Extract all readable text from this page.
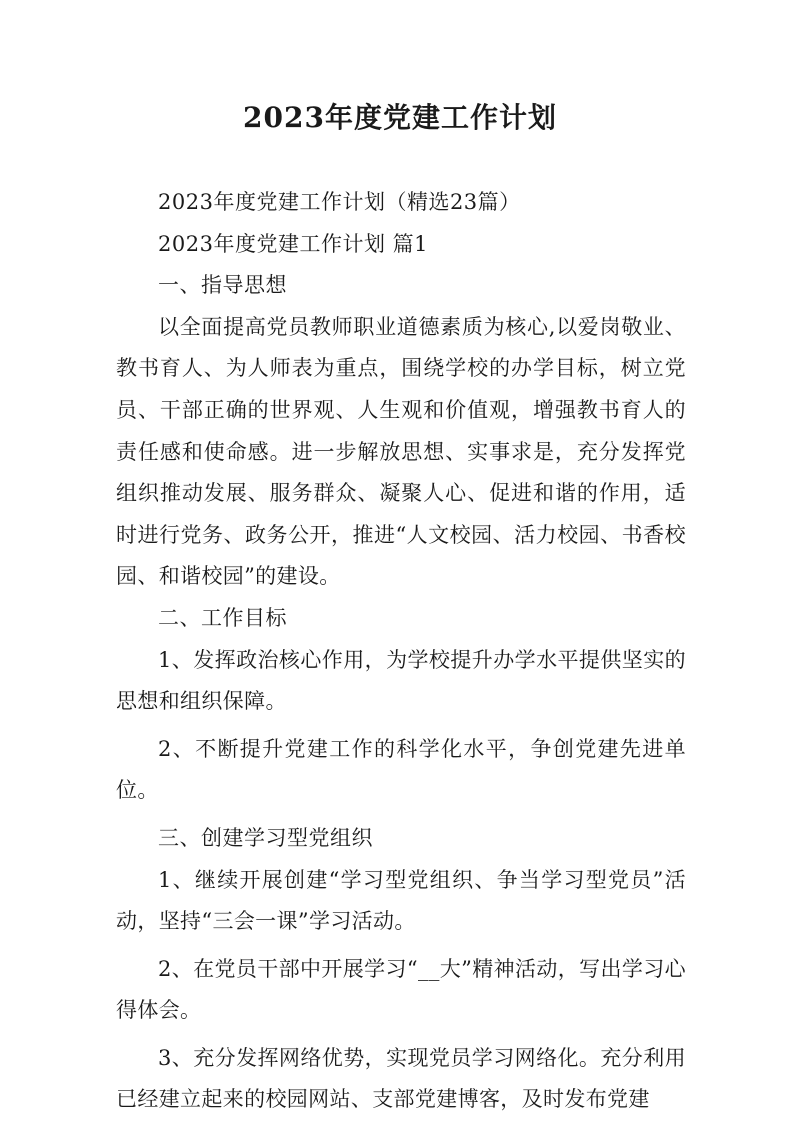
2023年度党建工作计划

2023年度党建工作计划（精选23篇）

2023年度党建工作计划 篇1

一、指导思想

以全面提高党员教师职业道德素质为核心,以爱岗敬业、教书育人、为人师表为重点，围绕学校的办学目标，树立党员、干部正确的世界观、人生观和价值观，增强教书育人的责任感和使命感。进一步解放思想、实事求是，充分发挥党组织推动发展、服务群众、凝聚人心、促进和谐的作用，适时进行党务、政务公开，推进“人文校园、活力校园、书香校园、和谐校园”的建设。

二、工作目标

1、发挥政治核心作用，为学校提升办学水平提供坚实的思想和组织保障。

2、不断提升党建工作的科学化水平，争创党建先进单位。

三、创建学习型党组织

1、继续开展创建“学习型党组织、争当学习型党员”活动，坚持“三会一课”学习活动。

2、在党员干部中开展学习“__大”精神活动，写出学习心得体会。

3、充分发挥网络优势，实现党员学习网络化。充分利用已经建立起来的校园网站、支部党建博客，及时发布党建
